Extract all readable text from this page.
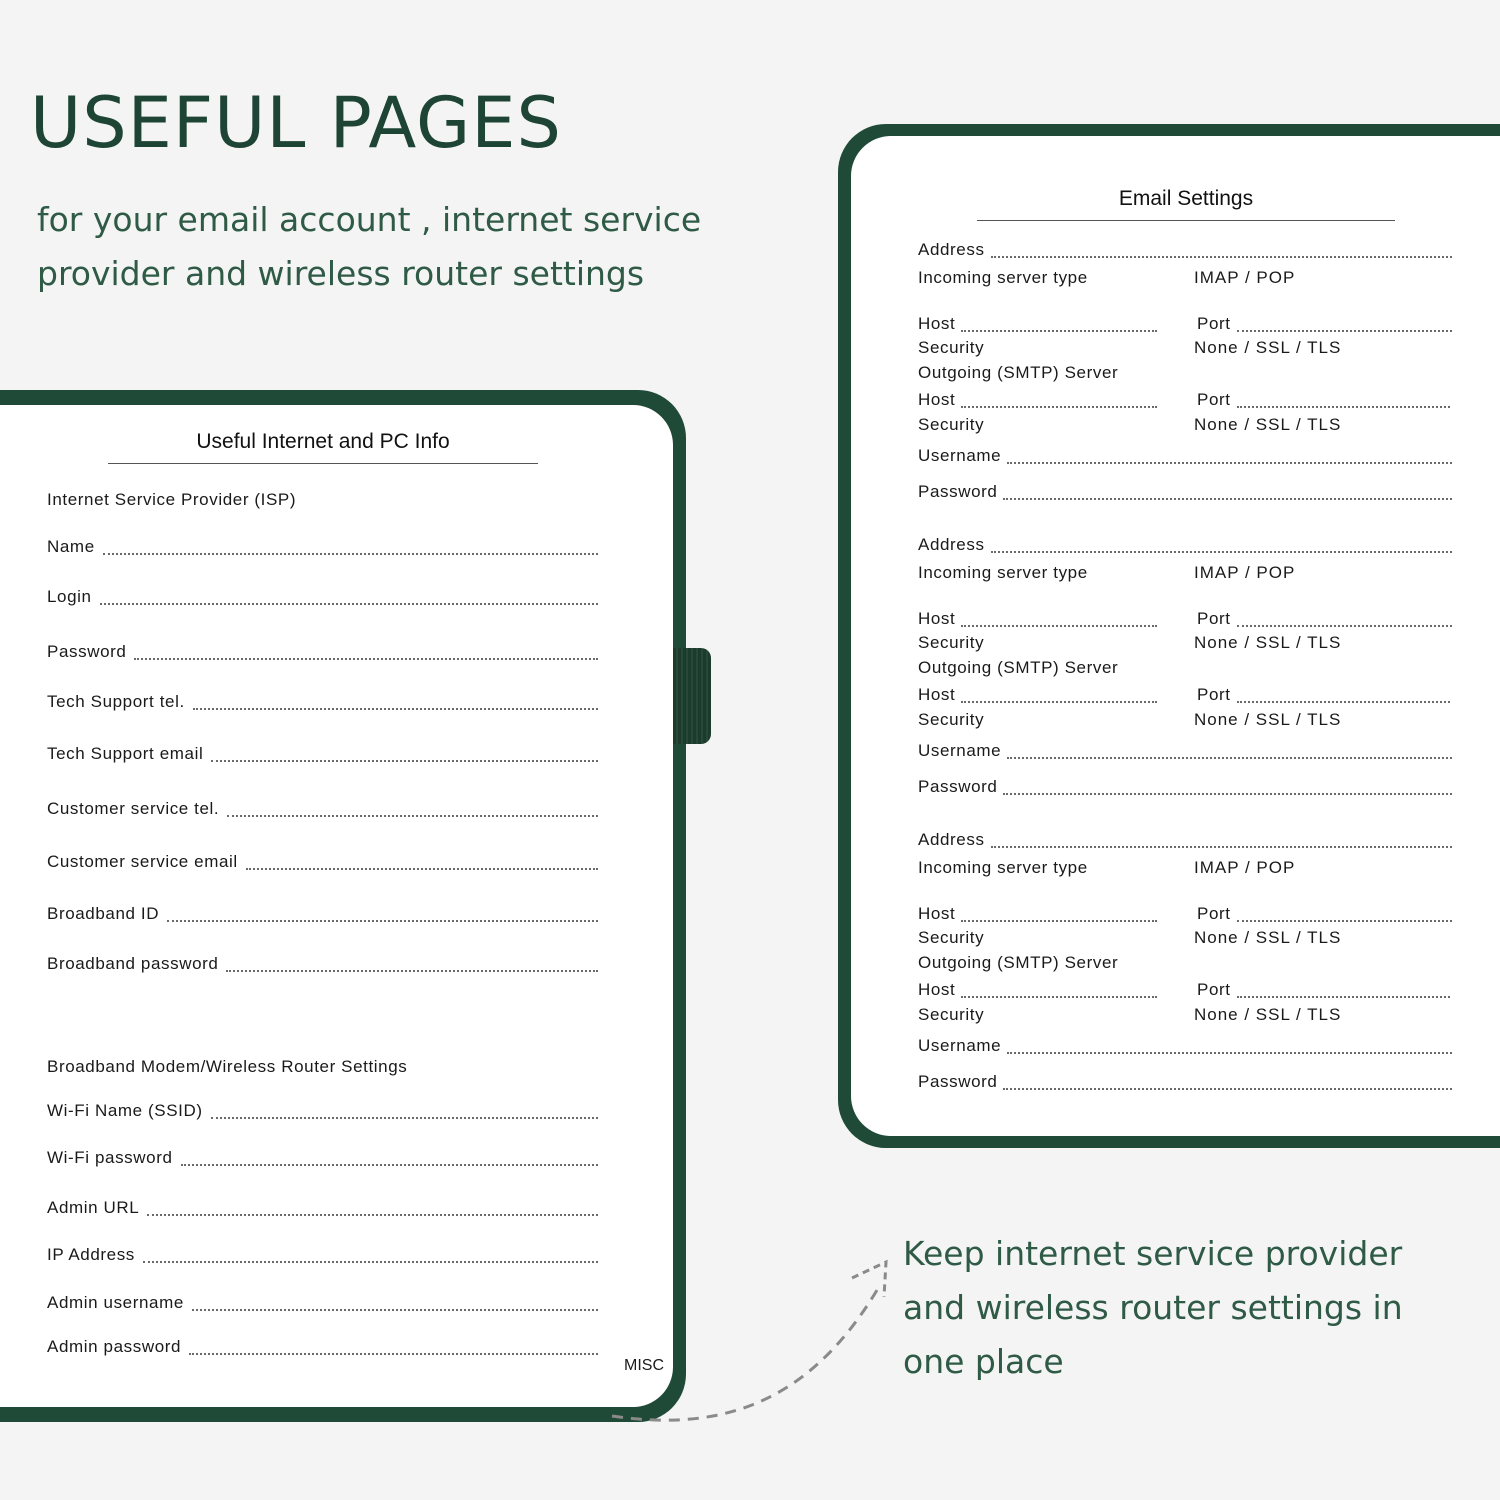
USEFUL PAGES

for your email account , internet service

provider and wireless router settings

Useful Internet and PC Info
Internet Service Provider (ISP)
Name
Login
Password
Tech Support tel.
Tech Support email
Customer service tel.
Customer service email
Broadband ID
Broadband password
Wi-Fi Name (SSID)
Wi-Fi password
Admin URL
IP Address
Admin username
Admin password
Broadband Modem/Wireless Router Settings
MISC
Email Settings
Address
Incoming server type	IMAP / POP
Host	Port
Security	None / SSL / TLS
Outgoing (SMTP) Server
Host	Port
Security	None / SSL / TLS
Username
Password
Address
Incoming server type	IMAP / POP
Host	Port
Security	None / SSL / TLS
Outgoing (SMTP) Server
Host	Port
Security	None / SSL / TLS
Username
Password
Address
Incoming server type	IMAP / POP
Host	Port
Security	None / SSL / TLS
Outgoing (SMTP) Server
Host	Port
Security	None / SSL / TLS
Username
Password

Keep internet service provider

and wireless router settings in

one place
